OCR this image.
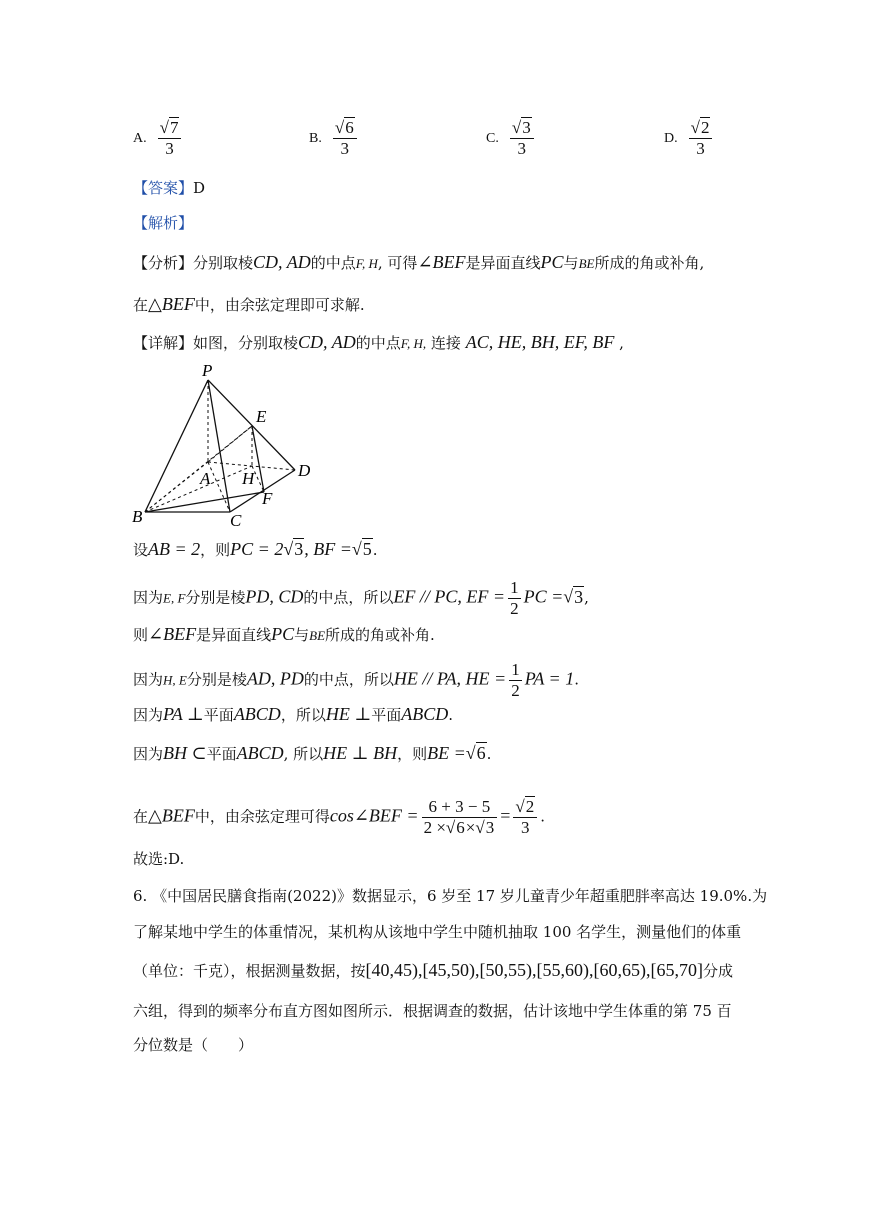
A. $\frac{√7}{3}$	B. $\frac{√6}{3}$	C. $\frac{√3}{3}$	D. $\frac{√2}{3}$
【答案】D
【解析】
【分析】分别取棱CD, AD的中点F, H, 可得∠BEF是异面直线PC与BE所成的角或补角,
在△BEF中，由余弦定理即可求解.
【详解】如图，分别取棱CD, AD的中点F, H, 连接 AC, HE, BH, EF, BF ,
P
E
D
A H
F
B	C
设AB = 2，则PC = 2√3, BF =√5.
因为E, F分别是棱PD, CD的中点，所以EF // PC, EF = $\frac{1}{2}$ PC =√3,
则∠BEF是异面直线PC与BE所成的角或补角.
因为H, E分别是棱AD, PD的中点，所以HE // PA, HE = $\frac{1}{2}$ PA = 1.
因为PA ⊥平面ABCD，所以HE ⊥平面ABCD.
因为BH ⊂平面ABCD, 所以HE ⊥ BH，则BE =√6.
在△BEF中，由余弦定理可得cos∠BEF = $\frac{6 + 3 - 5}{2 \times√6\times√3} = \frac{√2}{3}$ .
故选:D.
6. 《中国居民膳食指南(2022)》数据显示，6 岁至 17 岁儿童青少年超重肥胖率高达 19.0%.为
了解某地中学生的体重情况，某机构从该地中学生中随机抽取 100 名学生，测量他们的体重
（单位：千克），根据测量数据，按[40,45),[45,50),[50,55),[55,60),[60,65),[65,70]分成
六组，得到的频率分布直方图如图所示．根据调查的数据，估计该地中学生体重的第 75 百
分位数是（　　）
